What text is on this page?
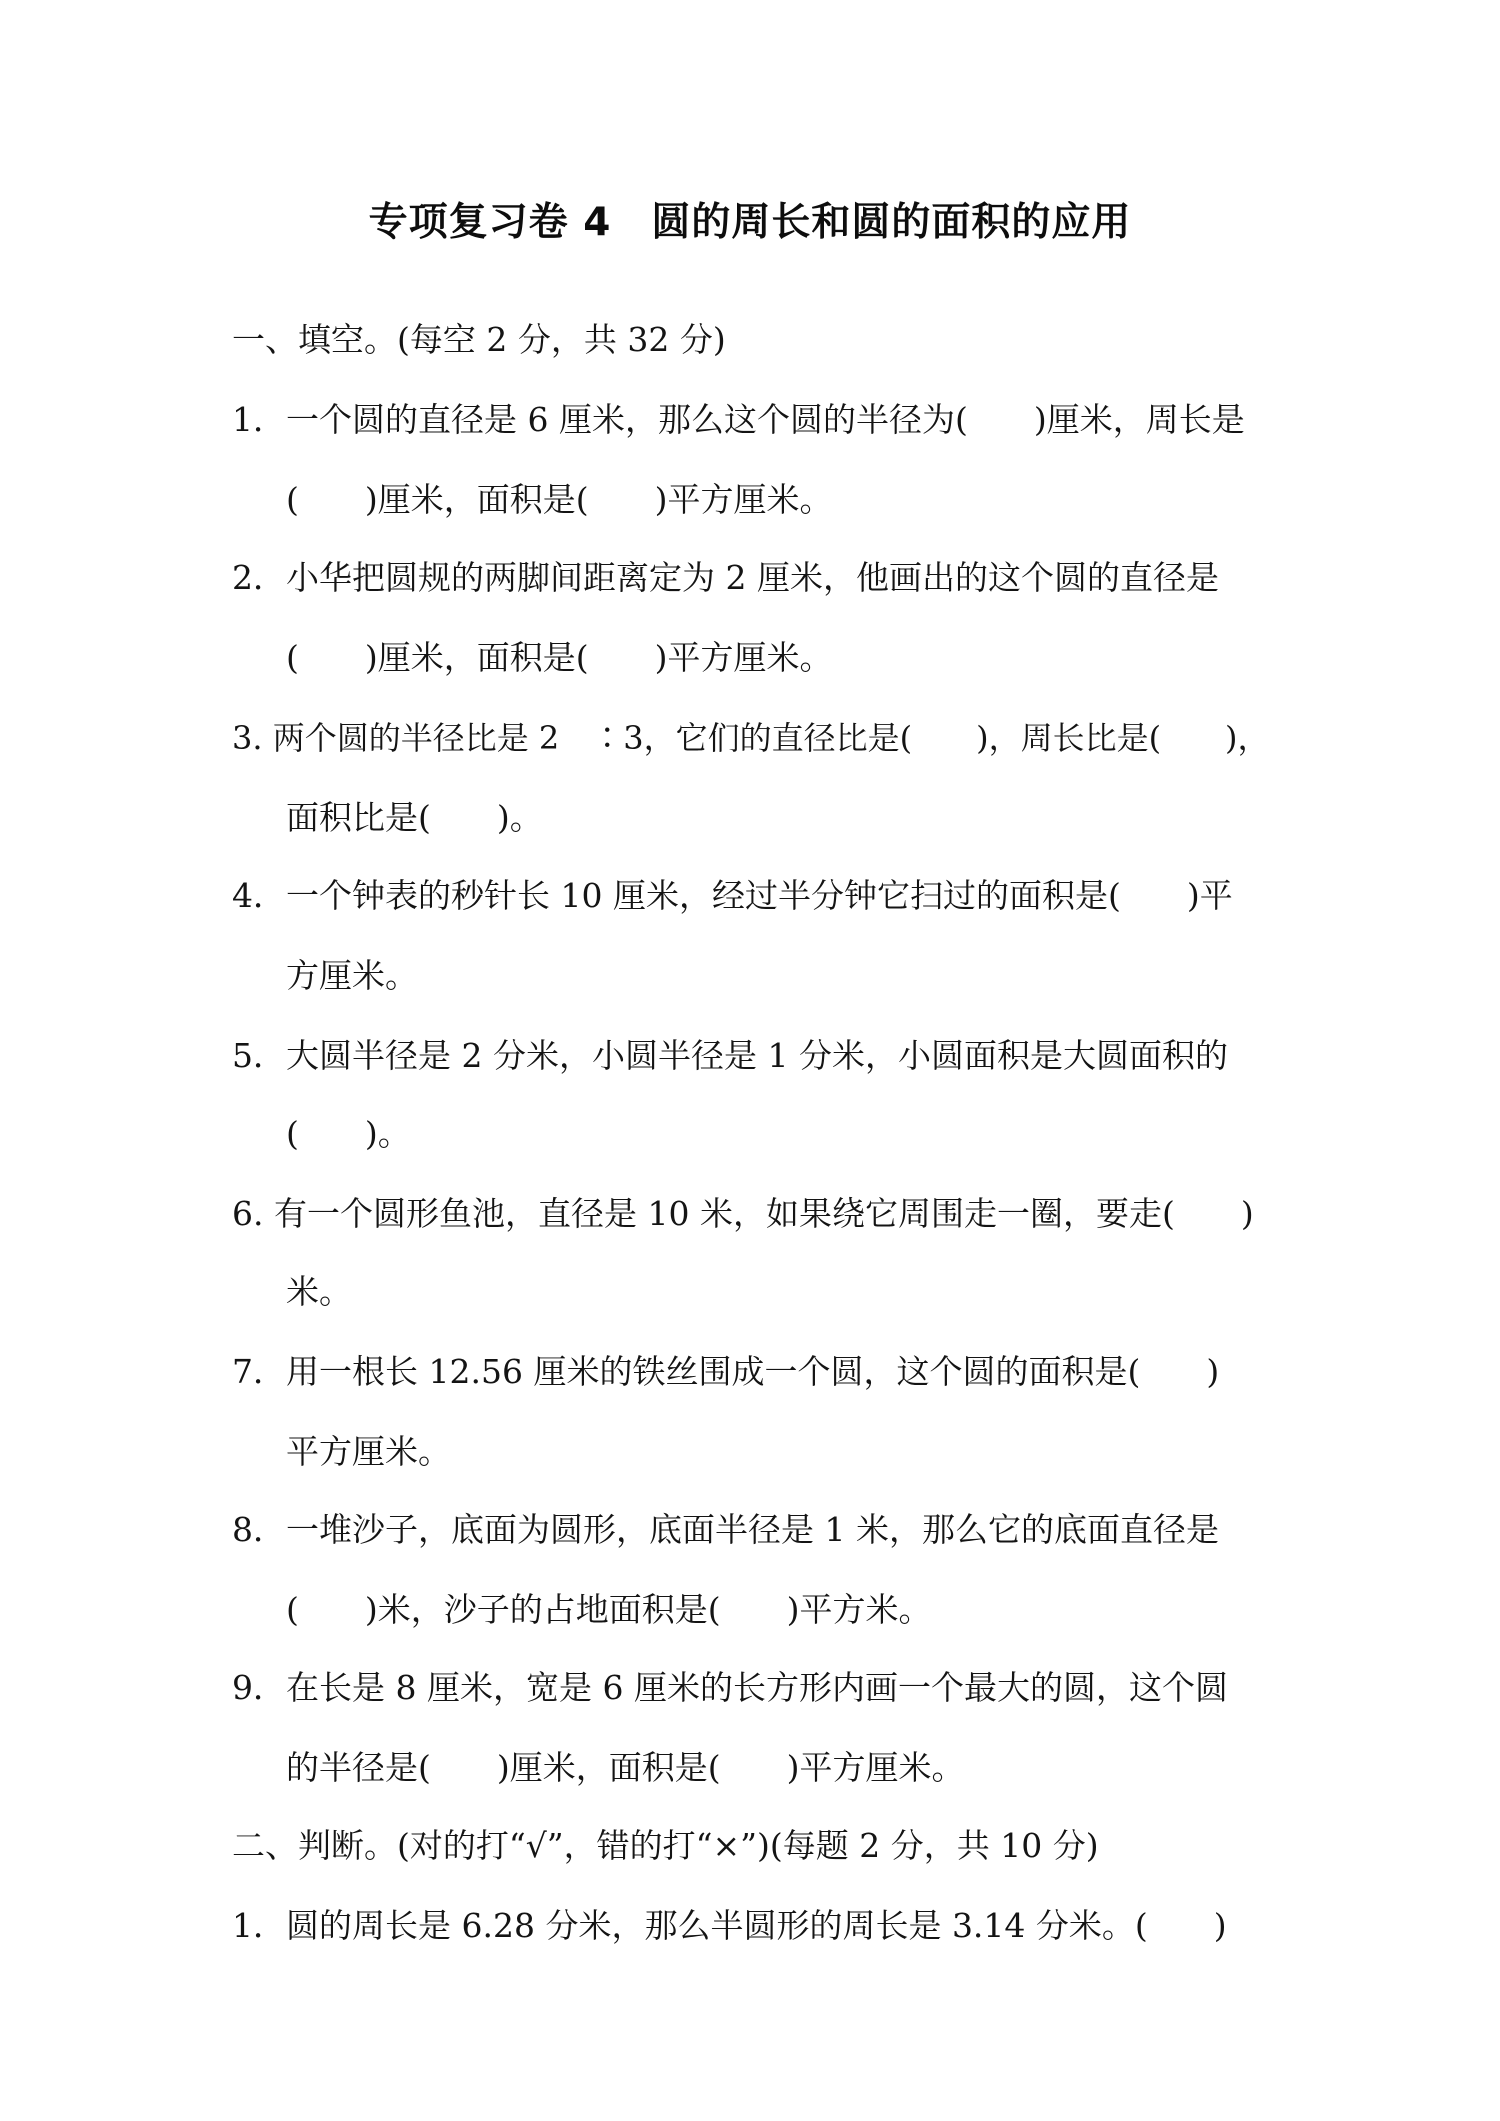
专项复习卷 4　圆的周长和圆的面积的应用
一、填空。(每空 2 分，共 32 分)
1．一个圆的直径是 6 厘米，那么这个圆的半径为(　　)厘米，周长是
(　　)厘米，面积是(　　)平方厘米。
2．小华把圆规的两脚间距离定为 2 厘米，他画出的这个圆的直径是
(　　)厘米，面积是(　　)平方厘米。
3. 两个圆的半径比是 2　∶3，它们的直径比是(　　)，周长比是(　　)，
面积比是(　　)。
4．一个钟表的秒针长 10 厘米，经过半分钟它扫过的面积是(　　)平
方厘米。
5．大圆半径是 2 分米，小圆半径是 1 分米，小圆面积是大圆面积的
(　　)。
6. 有一个圆形鱼池，直径是 10 米，如果绕它周围走一圈，要走(　　)
米。
7．用一根长 12.56 厘米的铁丝围成一个圆，这个圆的面积是(　　)
平方厘米。
8．一堆沙子，底面为圆形，底面半径是 1 米，那么它的底面直径是
(　　)米，沙子的占地面积是(　　)平方米。
9．在长是 8 厘米，宽是 6 厘米的长方形内画一个最大的圆，这个圆
的半径是(　　)厘米，面积是(　　)平方厘米。
二、判断。(对的打“√”，错的打“×”)(每题 2 分，共 10 分)
1．圆的周长是 6.28 分米，那么半圆形的周长是 3.14 分米。(　　)
